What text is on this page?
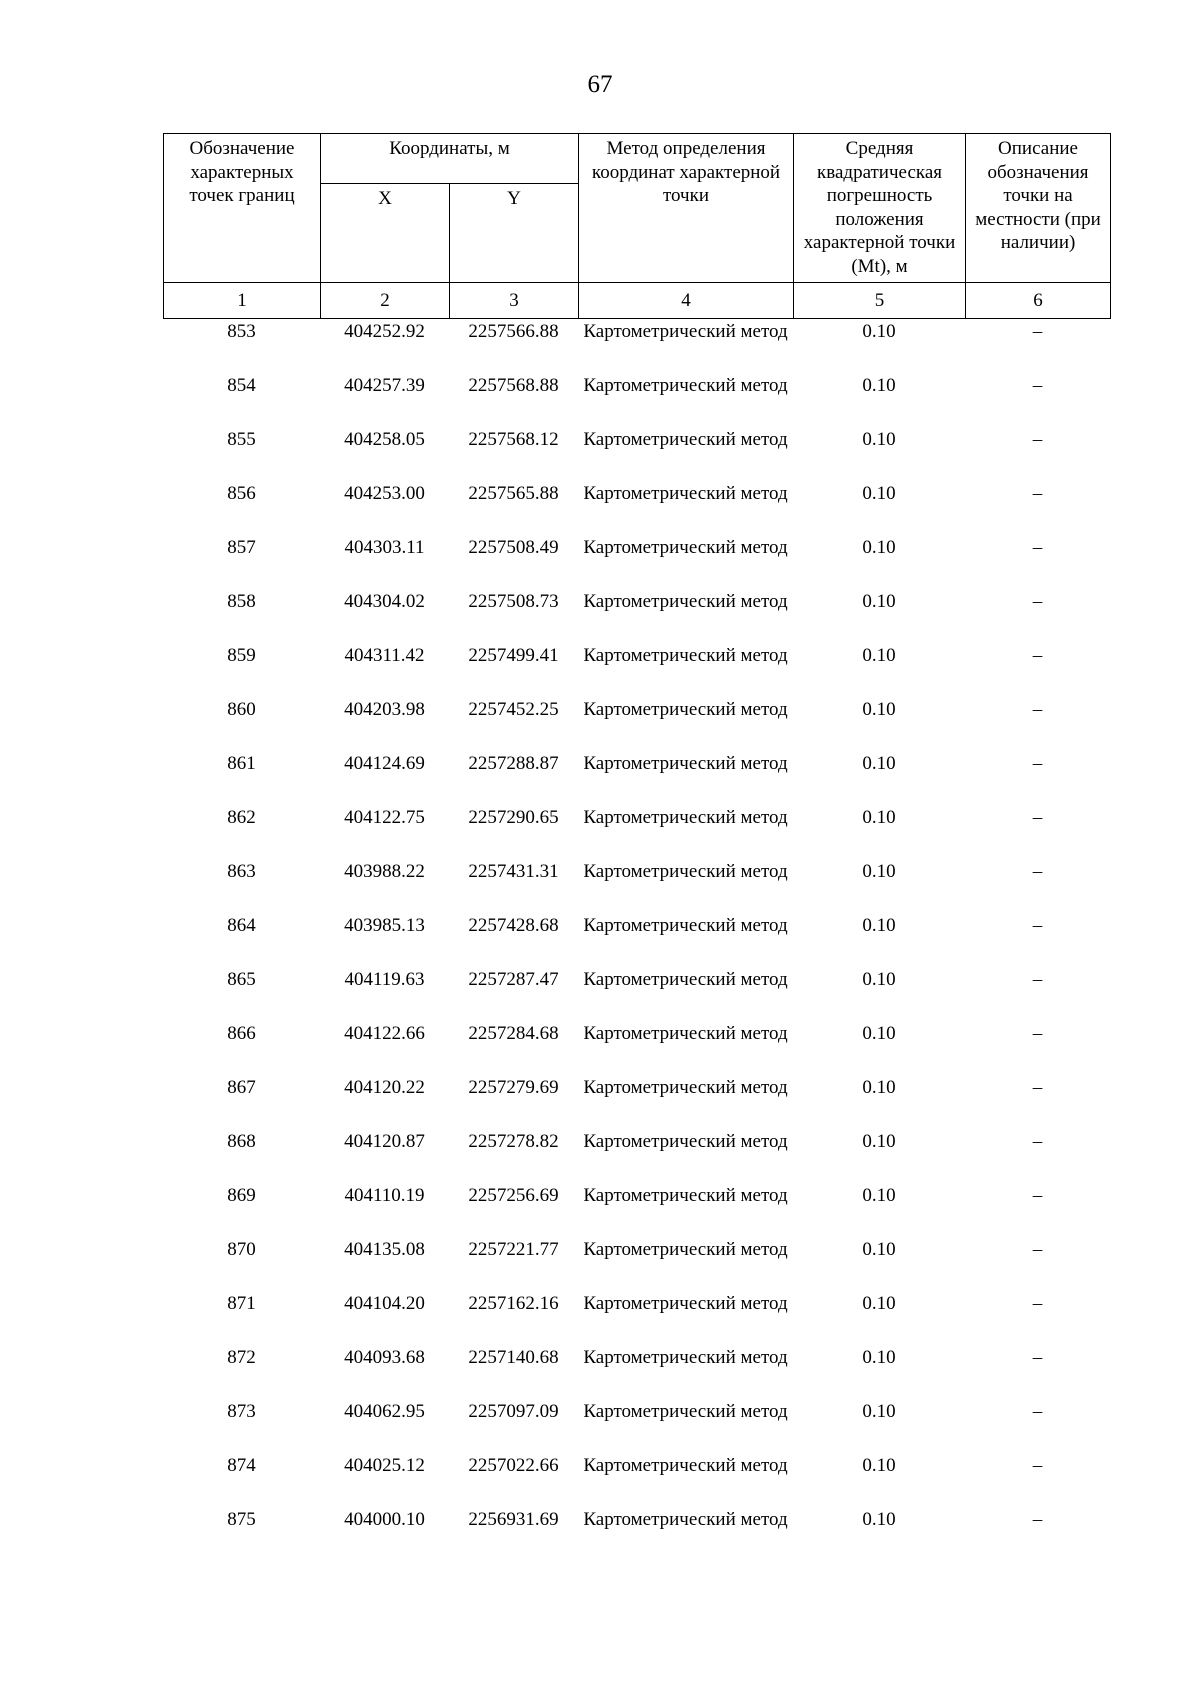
67
Обозначение характерных точек границ	Координаты, м		Метод определения координат характерной точки	Средняя квадратическая погрешность положения характерной точки (Mt), м	Описание обозначения точки на местности (при наличии)
	X	Y			
1	2	3	4	5	6
853	404252.92	2257566.88	Картометрический метод	0.10	–
854	404257.39	2257568.88	Картометрический метод	0.10	–
855	404258.05	2257568.12	Картометрический метод	0.10	–
856	404253.00	2257565.88	Картометрический метод	0.10	–
857	404303.11	2257508.49	Картометрический метод	0.10	–
858	404304.02	2257508.73	Картометрический метод	0.10	–
859	404311.42	2257499.41	Картометрический метод	0.10	–
860	404203.98	2257452.25	Картометрический метод	0.10	–
861	404124.69	2257288.87	Картометрический метод	0.10	–
862	404122.75	2257290.65	Картометрический метод	0.10	–
863	403988.22	2257431.31	Картометрический метод	0.10	–
864	403985.13	2257428.68	Картометрический метод	0.10	–
865	404119.63	2257287.47	Картометрический метод	0.10	–
866	404122.66	2257284.68	Картометрический метод	0.10	–
867	404120.22	2257279.69	Картометрический метод	0.10	–
868	404120.87	2257278.82	Картометрический метод	0.10	–
869	404110.19	2257256.69	Картометрический метод	0.10	–
870	404135.08	2257221.77	Картометрический метод	0.10	–
871	404104.20	2257162.16	Картометрический метод	0.10	–
872	404093.68	2257140.68	Картометрический метод	0.10	–
873	404062.95	2257097.09	Картометрический метод	0.10	–
874	404025.12	2257022.66	Картометрический метод	0.10	–
875	404000.10	2256931.69	Картометрический метод	0.10	–
